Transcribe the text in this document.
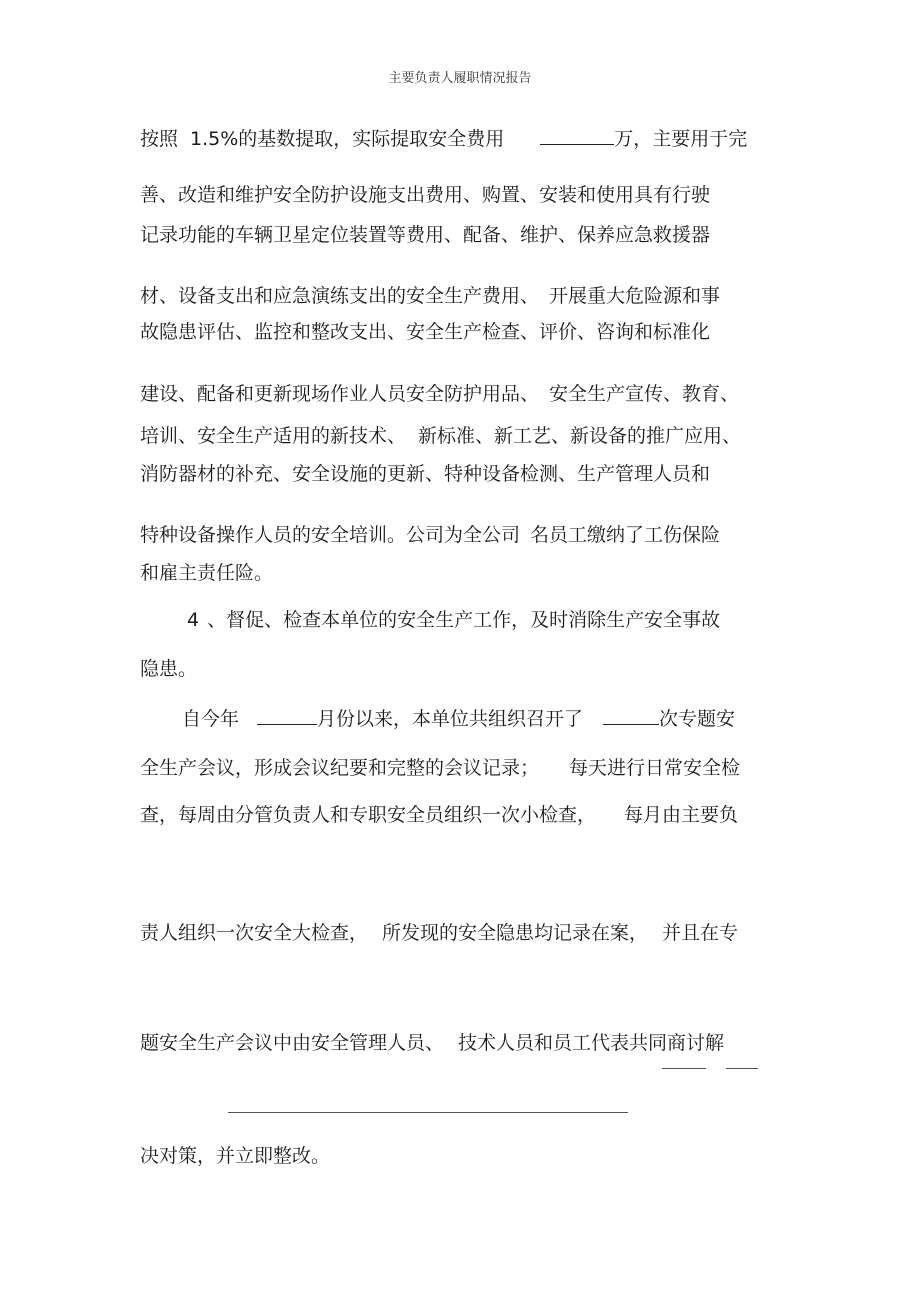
主要负责人履职情况报告
按照 1.5%的基数提取，实际提取安全费用	万，主要用于完
善、改造和维护安全防护设施支出费用、购置、安装和使用具有行驶
记录功能的车辆卫星定位装置等费用、配备、维护、保养应急救援器
材、设备支出和应急演练支出的安全生产费用、 开展重大危险源和事
故隐患评估、监控和整改支出、安全生产检查、评价、咨询和标准化
建设、配备和更新现场作业人员安全防护用品、 安全生产宣传、教育、
培训、安全生产适用的新技术、 新标准、新工艺、新设备的推广应用、
消防器材的补充、安全设施的更新、特种设备检测、生产管理人员和
特种设备操作人员的安全培训。公司为全公司 名员工缴纳了工伤保险
和雇主责任险。
4 、督促、检查本单位的安全生产工作，及时消除生产安全事故
隐患。
自今年	月份以来，本单位共组织召开了	次专题安
全生产会议，形成会议纪要和完整的会议记录； 每天进行日常安全检
查，每周由分管负责人和专职安全员组织一次小检查， 每月由主要负
责人组织一次安全大检查， 所发现的安全隐患均记录在案， 并且在专
题安全生产会议中由安全管理人员、 技术人员和员工代表共同商讨解
决对策，并立即整改。
